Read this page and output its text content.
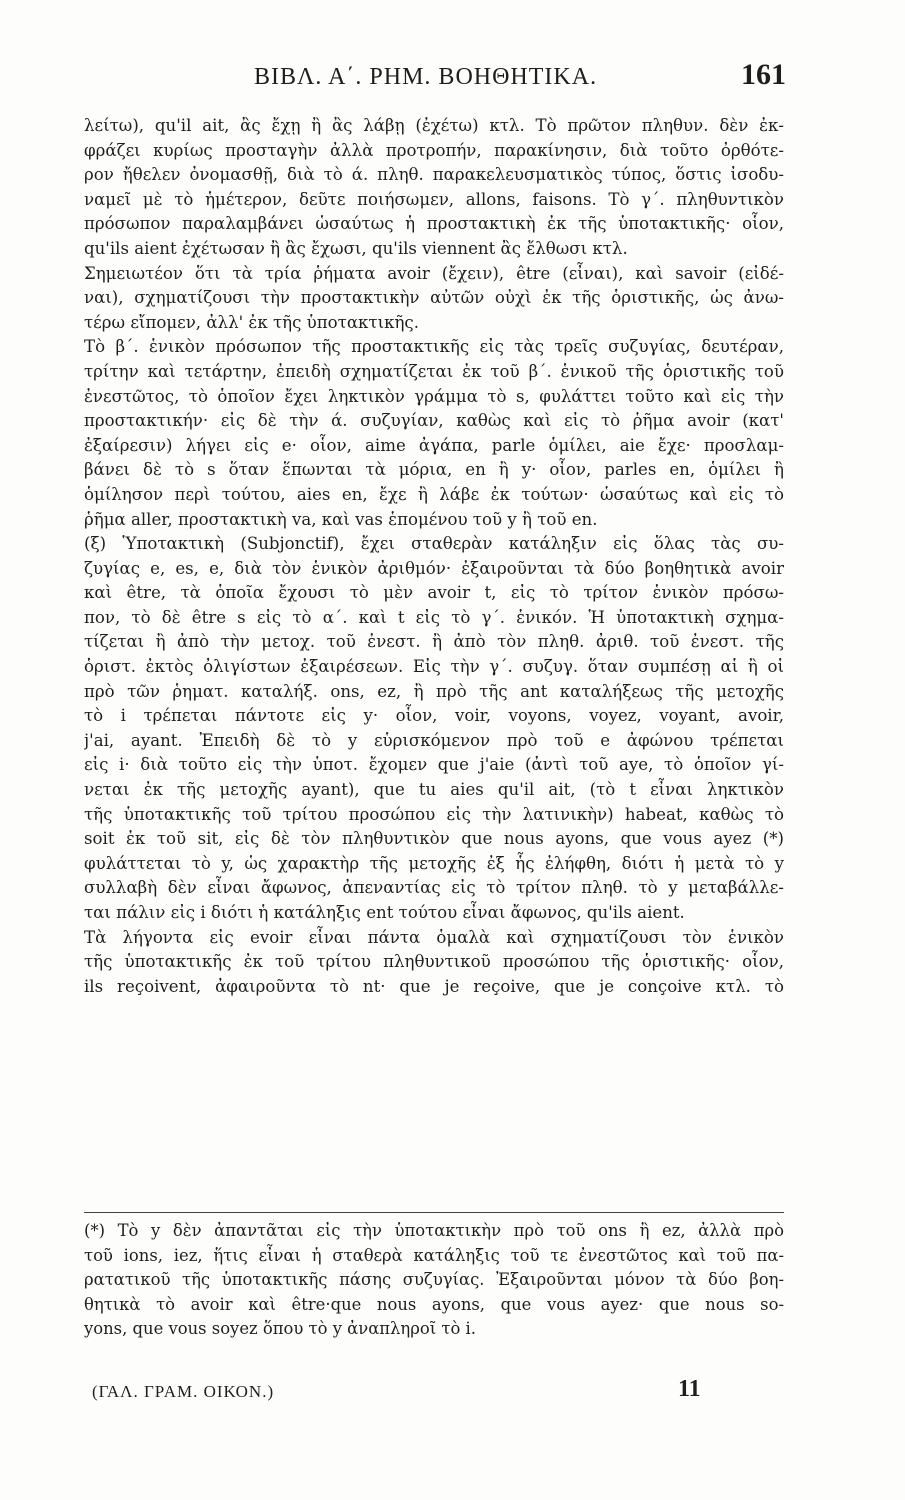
ΒΙΒΛ. Α΄. ΡΗΜ. ΒΟΗΘΗΤΙΚΑ.	161
λείτω), qu'il ait, ἂς ἔχῃ ἢ ἂς λάβῃ (ἐχέτω) κτλ. Τὸ πρῶτον πληθυν. δὲν ἐκ-
φράζει κυρίως προσταγὴν ἀλλὰ προτροπήν, παρακίνησιν, διὰ τοῦτο ὀρθότε-
ρον ἤθελεν ὀνομασθῇ, διὰ τὸ ά. πληθ. παρακελευσματικὸς τύπος, ὅστις ἰσοδυ-
ναμεῖ μὲ τὸ ἡμέτερον, δεῦτε ποιήσωμεν, allons, faisons. Τὸ γ΄. πληθυντικὸν
πρόσωπον παραλαμβάνει ὡσαύτως ἡ προστακτικὴ ἐκ τῆς ὑποτακτικῆς· οἷον,
qu'ils aient ἐχέτωσαν ἢ ἂς ἔχωσι, qu'ils viennent ἂς ἔλθωσι κτλ.
Σημειωτέον ὅτι τὰ τρία ῥήματα avoir (ἔχειν), être (εἶναι), καὶ savoir (εἰδέ-
ναι), σχηματίζουσι τὴν προστακτικὴν αὐτῶν οὐχὶ ἐκ τῆς ὁριστικῆς, ὡς ἀνω-
τέρω εἴπομεν, ἀλλ' ἐκ τῆς ὑποτακτικῆς.
Τὸ β΄. ἑνικὸν πρόσωπον τῆς προστακτικῆς εἰς τὰς τρεῖς συζυγίας, δευτέραν,
τρίτην καὶ τετάρτην, ἐπειδὴ σχηματίζεται ἐκ τοῦ β΄. ἑνικοῦ τῆς ὁριστικῆς τοῦ
ἐνεστῶτος, τὸ ὁποῖον ἔχει ληκτικὸν γράμμα τὸ s, φυλάττει τοῦτο καὶ εἰς τὴν
προστακτικήν· εἰς δὲ τὴν ά. συζυγίαν, καθὼς καὶ εἰς τὸ ῥῆμα avoir (κατ'
ἐξαίρεσιν) λήγει εἰς e· οἷον, aime ἀγάπα, parle ὁμίλει, aie ἔχε· προσλαμ-
βάνει δὲ τὸ s ὅταν ἕπωνται τὰ μόρια, en ἢ y· οἷον, parles en, ὁμίλει ἢ
ὁμίλησον περὶ τούτου, aies en, ἔχε ἢ λάβε ἐκ τούτων· ὡσαύτως καὶ εἰς τὸ
ῥῆμα aller, προστακτικὴ va, καὶ vas ἑπομένου τοῦ y ἢ τοῦ en.
(ξ) Ὑποτακτικὴ (Subjonctif), ἔχει σταθερὰν κατάληξιν εἰς ὅλας τὰς συ-
ζυγίας e, es, e, διὰ τὸν ἑνικὸν ἀριθμόν· ἐξαιροῦνται τὰ δύο βοηθητικὰ avoir
καὶ être, τὰ ὁποῖα ἔχουσι τὸ μὲν avoir t, εἰς τὸ τρίτον ἑνικὸν πρόσω-
πον, τὸ δὲ être s εἰς τὸ α΄. καὶ t εἰς τὸ γ΄. ἑνικόν. Ἡ ὑποτακτικὴ σχημα-
τίζεται ἢ ἀπὸ τὴν μετοχ. τοῦ ἐνεστ. ἢ ἀπὸ τὸν πληθ. ἀριθ. τοῦ ἐνεστ. τῆς
ὁριστ. ἐκτὸς ὀλιγίστων ἐξαιρέσεων. Εἰς τὴν γ΄. συζυγ. ὅταν συμπέσῃ αἱ ἢ οἱ
πρὸ τῶν ῥηματ. καταλήξ. ons, ez, ἢ πρὸ τῆς ant καταλήξεως τῆς μετοχῆς
τὸ i τρέπεται πάντοτε εἰς y· οἷον, voir, voyons, voyez, voyant, avoir,
j'ai, ayant. Ἐπειδὴ δὲ τὸ y εὑρισκόμενον πρὸ τοῦ e ἀφώνου τρέπεται
εἰς i· διὰ τοῦτο εἰς τὴν ὑποτ. ἔχομεν que j'aie (ἀντὶ τοῦ aye, τὸ ὁποῖον γί-
νεται ἐκ τῆς μετοχῆς ayant), que tu aies qu'il ait, (τὸ t εἶναι ληκτικὸν
τῆς ὑποτακτικῆς τοῦ τρίτου προσώπου εἰς τὴν λατινικὴν) habeat, καθὼς τὸ
soit ἐκ τοῦ sit, εἰς δὲ τὸν πληθυντικὸν que nous ayons, que vous ayez (*)
φυλάττεται τὸ y, ὡς χαρακτὴρ τῆς μετοχῆς ἐξ ἧς ἐλήφθη, διότι ἡ μετὰ τὸ y
συλλαβὴ δὲν εἶναι ἄφωνος, ἀπεναντίας εἰς τὸ τρίτον πληθ. τὸ y μεταβάλλε-
ται πάλιν εἰς i διότι ἡ κατάληξις ent τούτου εἶναι ἄφωνος, qu'ils aient.
Τὰ λήγοντα εἰς evoir εἶναι πάντα ὁμαλὰ καὶ σχηματίζουσι τὸν ἑνικὸν
τῆς ὑποτακτικῆς ἐκ τοῦ τρίτου πληθυντικοῦ προσώπου τῆς ὁριστικῆς· οἷον,
ils reçoivent, ἀφαιροῦντα τὸ nt· que je reçoive, que je conçoive κτλ. τὸ
(*) Τὸ y δὲν ἀπαντᾶται εἰς τὴν ὑποτακτικὴν πρὸ τοῦ ons ἢ ez, ἀλλὰ πρὸ
τοῦ ions, iez, ἥτις εἶναι ἡ σταθερὰ κατάληξις τοῦ τε ἐνεστῶτος καὶ τοῦ πα-
ρατατικοῦ τῆς ὑποτακτικῆς πάσης συζυγίας. Ἐξαιροῦνται μόνον τὰ δύο βοη-
θητικὰ τὸ avoir καὶ être·que nous ayons, que vous ayez· que nous so-
yons, que vous soyez ὅπου τὸ y ἀναπληροῖ τὸ i.
(ΓΑΛ. ΓΡΑΜ. ΟΙΚΟΝ.)	11
